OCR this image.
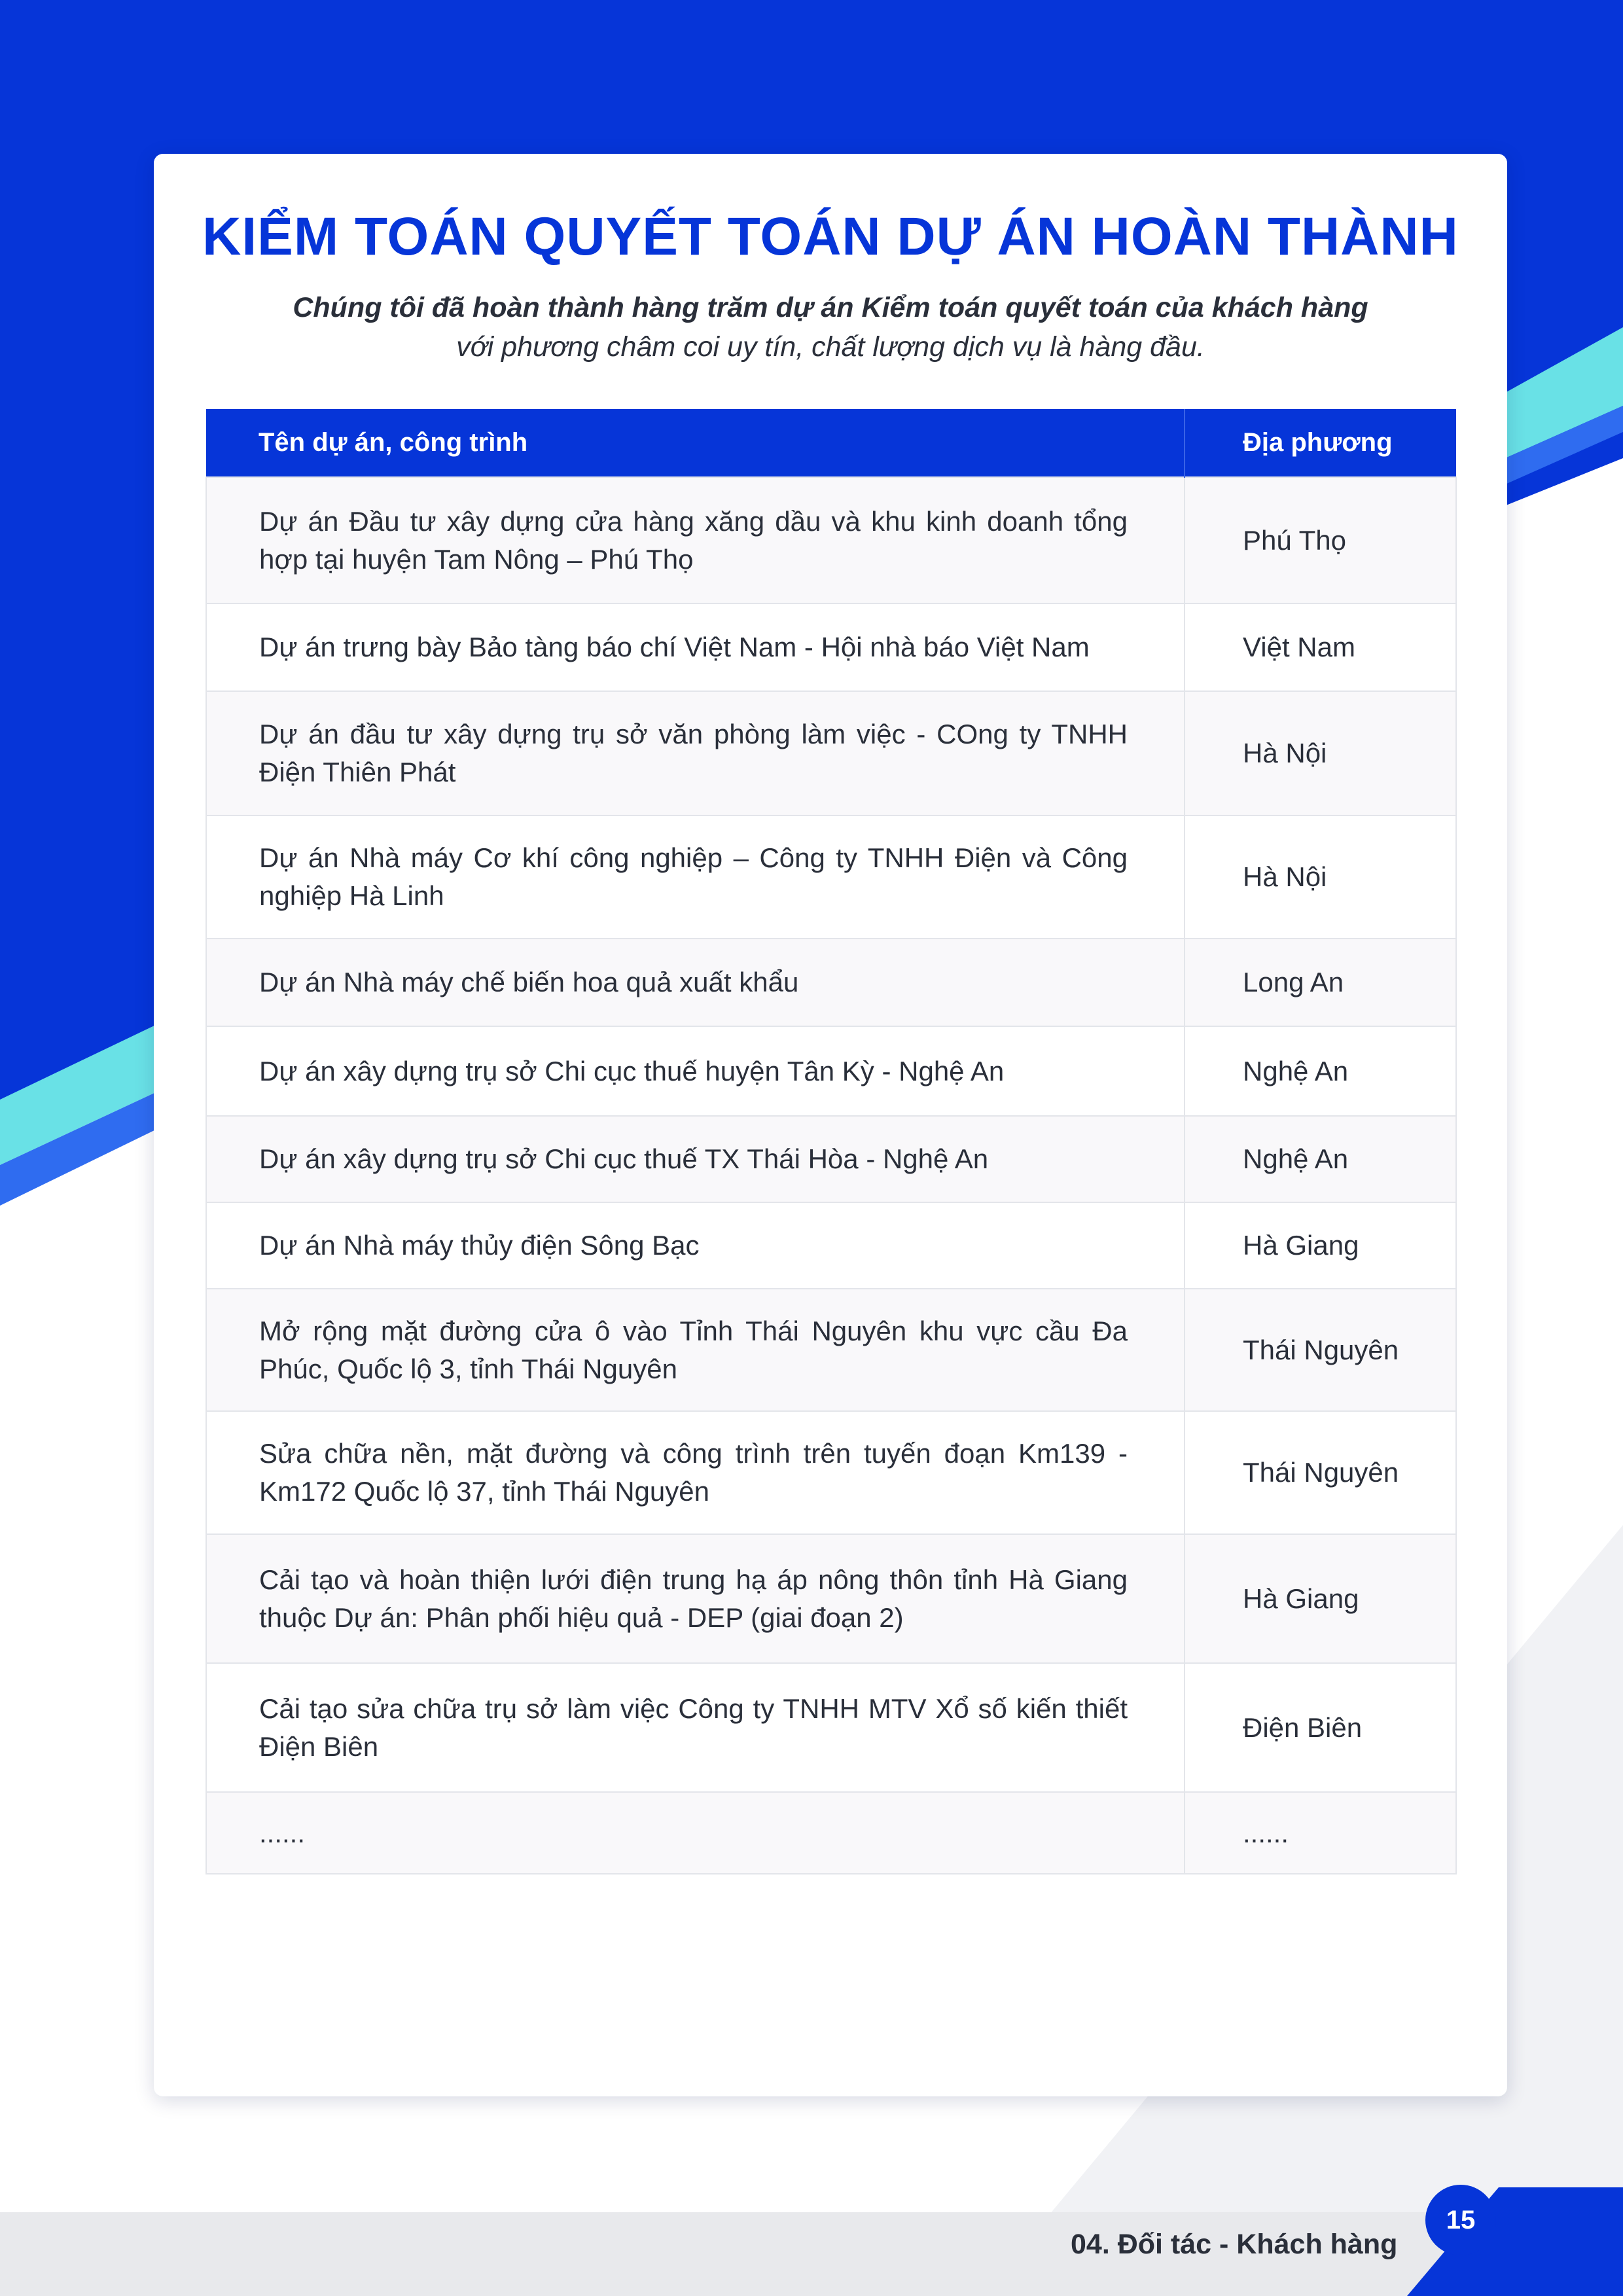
KIỂM TOÁN QUYẾT TOÁN DỰ ÁN HOÀN THÀNH
Chúng tôi đã hoàn thành hàng trăm dự án Kiểm toán quyết toán của khách hàng
với phương châm coi uy tín, chất lượng dịch vụ là hàng đầu.
Tên dự án, công trình	Địa phương
Dự án Đầu tư xây dựng cửa hàng xăng dầu và khu kinh doanh tổng hợp tại huyện Tam Nông – Phú Thọ	Phú Thọ
Dự án trưng bày Bảo tàng báo chí Việt Nam - Hội nhà báo Việt Nam	Việt Nam
Dự án đầu tư xây dựng trụ sở văn phòng làm việc - COng ty TNHH Điện Thiên Phát	Hà Nội
Dự án Nhà máy Cơ khí công nghiệp – Công ty TNHH Điện và Công nghiệp Hà Linh	Hà Nội
Dự án Nhà máy chế biến hoa quả xuất khẩu	Long An
Dự án xây dựng trụ sở Chi cục thuế huyện Tân Kỳ - Nghệ An	Nghệ An
Dự án xây dựng trụ sở Chi cục thuế TX Thái Hòa - Nghệ An	Nghệ An
Dự án Nhà máy thủy điện Sông Bạc	Hà Giang
Mở rộng mặt đường cửa ô vào Tỉnh Thái Nguyên khu vực cầu Đa Phúc, Quốc lộ 3, tỉnh Thái Nguyên	Thái Nguyên
Sửa chữa nền, mặt đường và công trình trên tuyến đoạn Km139 - Km172 Quốc lộ 37, tỉnh Thái Nguyên	Thái Nguyên
Cải tạo và hoàn thiện lưới điện trung hạ áp nông thôn tỉnh Hà Giang thuộc Dự án: Phân phối hiệu quả - DEP (giai đoạn 2)	Hà Giang
Cải tạo sửa chữa trụ sở làm việc Công ty TNHH MTV Xổ số kiến thiết Điện Biên	Điện Biên
......	......
04. Đối tác - Khách hàng
15
